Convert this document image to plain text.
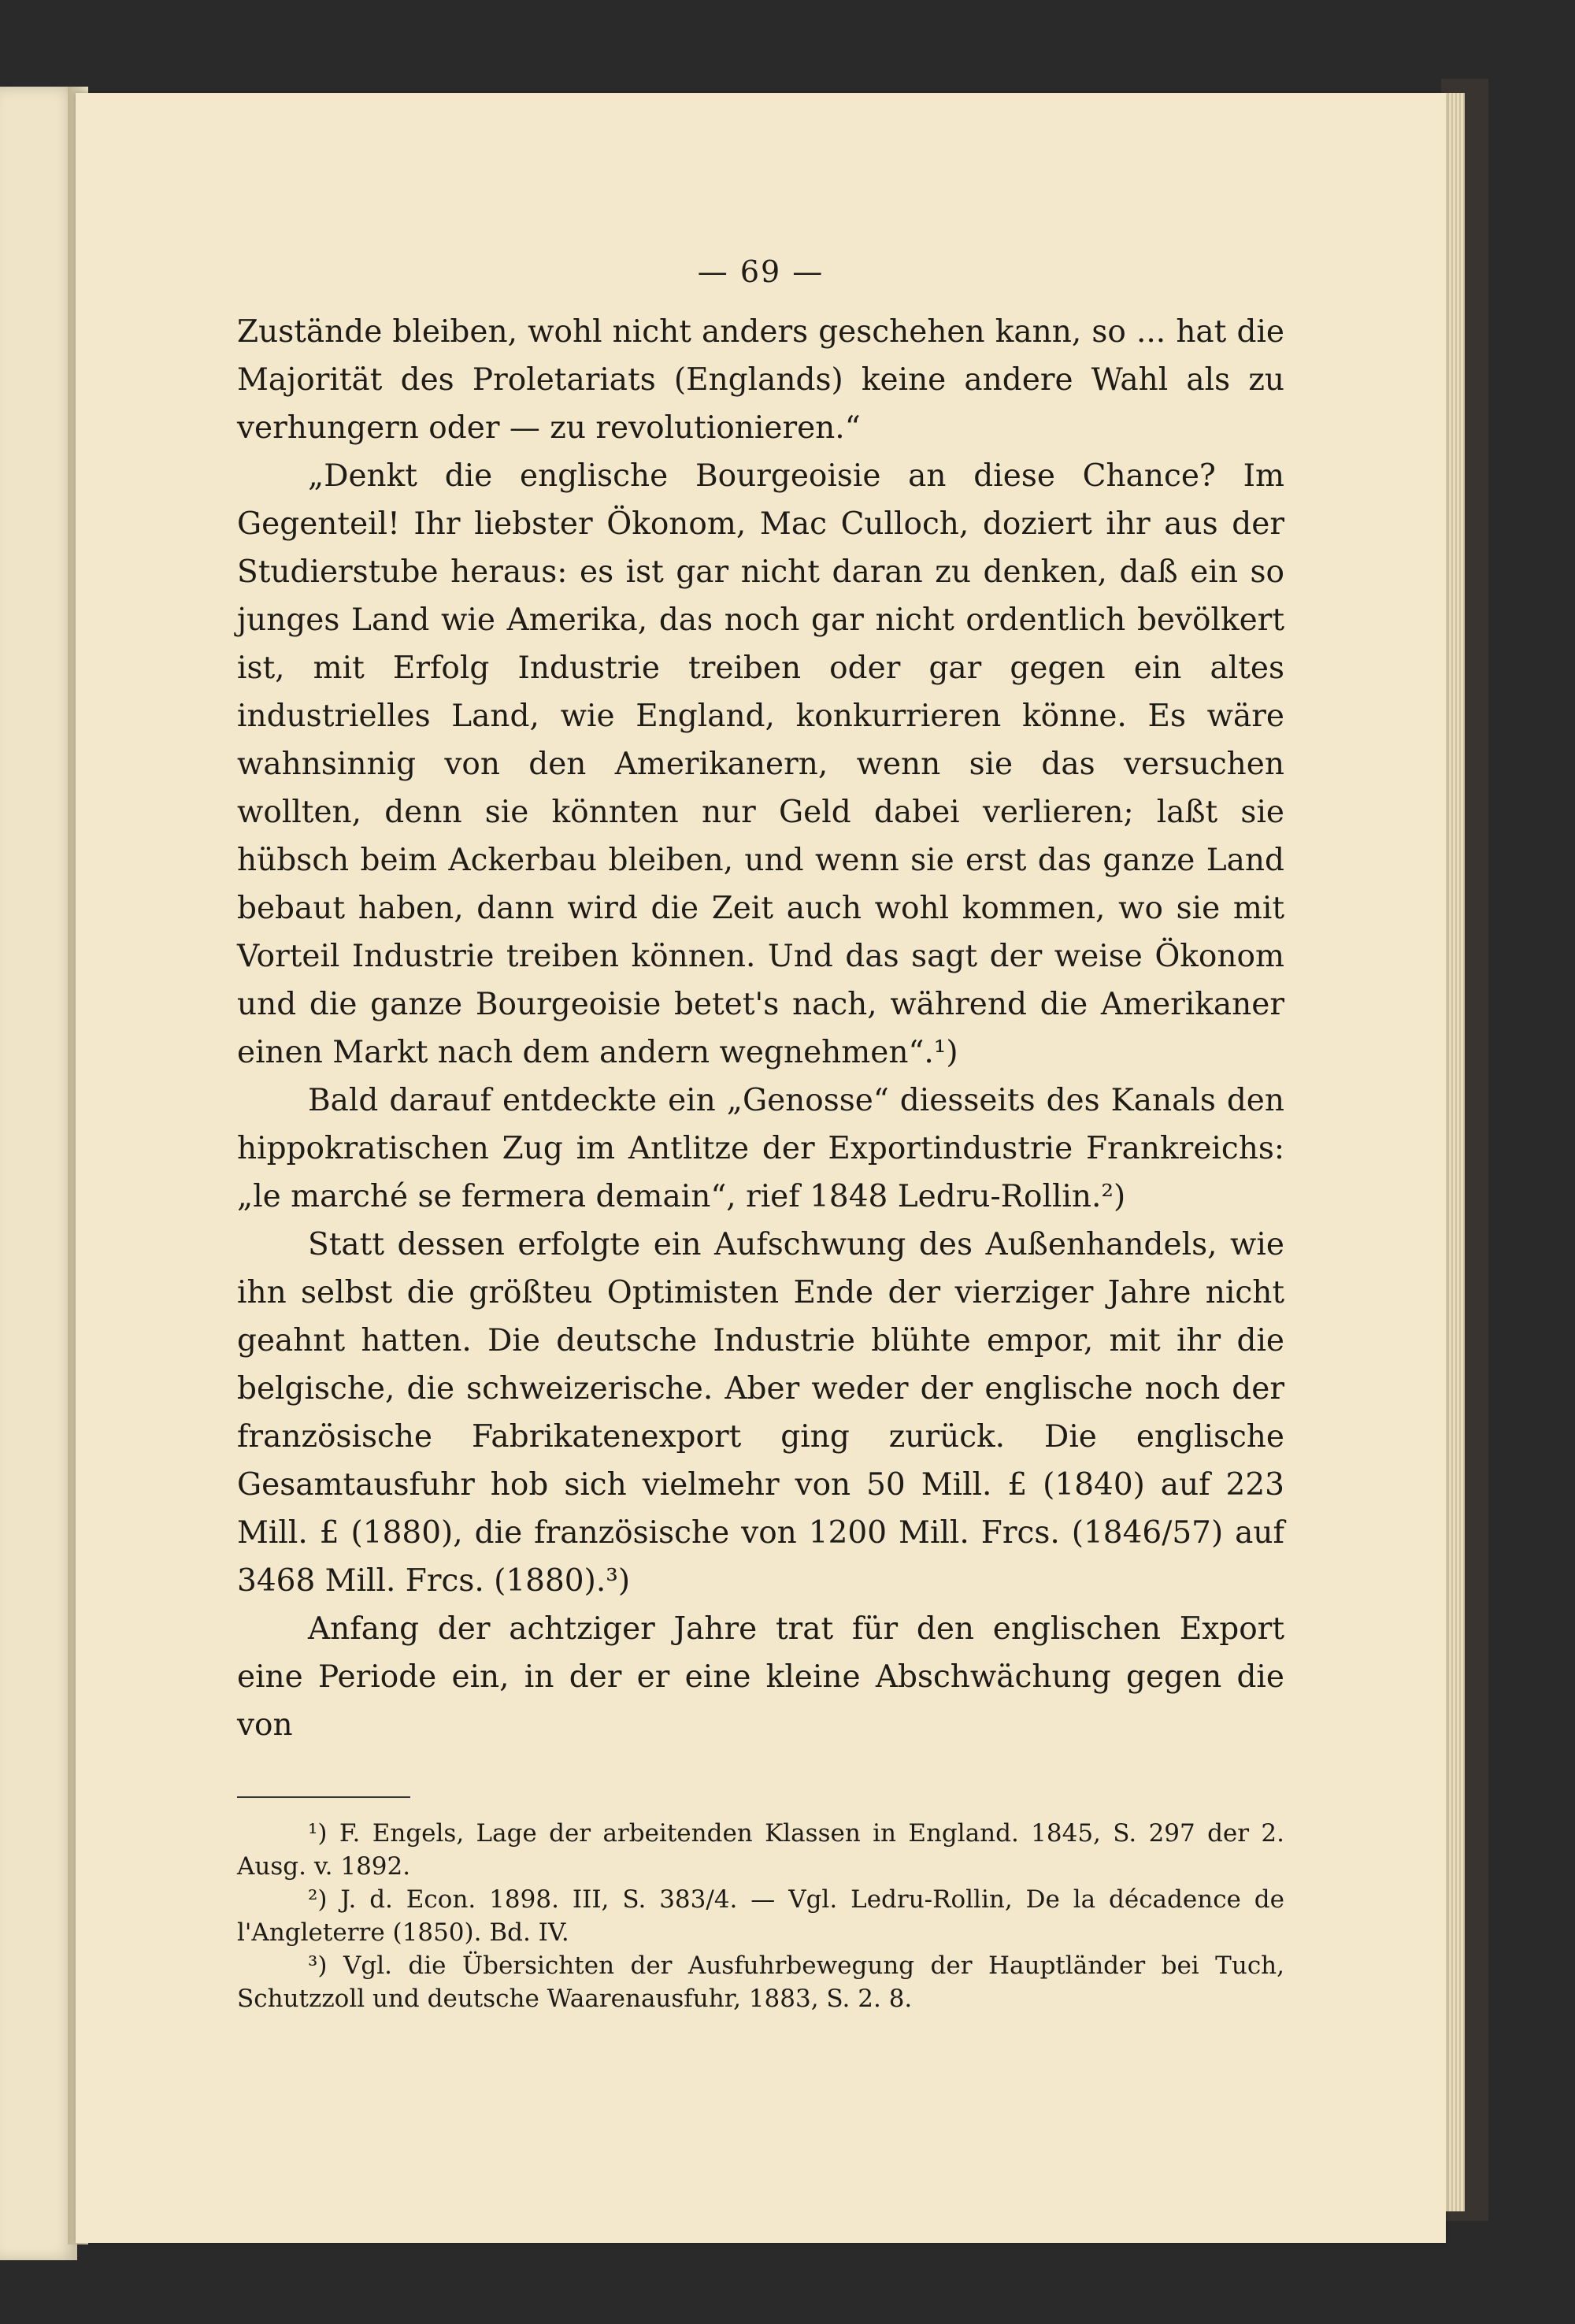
— 69 —

Zustände bleiben, wohl nicht anders geschehen kann, so ... hat die Majorität des Proletariats (Englands) keine andere Wahl als zu verhungern oder — zu revolutionieren.“

„Denkt die englische Bourgeoisie an diese Chance? Im Gegenteil! Ihr liebster Ökonom, Mac Culloch, doziert ihr aus der Studierstube heraus: es ist gar nicht daran zu denken, daß ein so junges Land wie Amerika, das noch gar nicht ordentlich bevölkert ist, mit Erfolg Industrie treiben oder gar gegen ein altes industrielles Land, wie England, konkurrieren könne. Es wäre wahnsinnig von den Amerikanern, wenn sie das versuchen wollten, denn sie könnten nur Geld dabei verlieren; laßt sie hübsch beim Ackerbau bleiben, und wenn sie erst das ganze Land bebaut haben, dann wird die Zeit auch wohl kommen, wo sie mit Vorteil Industrie treiben können. Und das sagt der weise Ökonom und die ganze Bourgeoisie betet's nach, während die Amerikaner einen Markt nach dem andern wegnehmen“.¹)

Bald darauf entdeckte ein „Genosse“ diesseits des Kanals den hippokratischen Zug im Antlitze der Exportindustrie Frankreichs: „le marché se fermera demain“, rief 1848 Ledru-Rollin.²)

Statt dessen erfolgte ein Aufschwung des Außenhandels, wie ihn selbst die größteu Optimisten Ende der vierziger Jahre nicht geahnt hatten. Die deutsche Industrie blühte empor, mit ihr die belgische, die schweizerische. Aber weder der englische noch der französische Fabrikatenexport ging zurück. Die englische Gesamtausfuhr hob sich vielmehr von 50 Mill. £ (1840) auf 223 Mill. £ (1880), die französische von 1200 Mill. Frcs. (1846/57) auf 3468 Mill. Frcs. (1880).³)

Anfang der achtziger Jahre trat für den englischen Export eine Periode ein, in der er eine kleine Abschwächung gegen die von

¹) F. Engels, Lage der arbeitenden Klassen in England. 1845, S. 297 der 2. Ausg. v. 1892.

²) J. d. Econ. 1898. III, S. 383/4. — Vgl. Ledru-Rollin, De la décadence de l'Angleterre (1850). Bd. IV.

³) Vgl. die Übersichten der Ausfuhrbewegung der Hauptländer bei Tuch, Schutzzoll und deutsche Waarenausfuhr, 1883, S. 2. 8.
